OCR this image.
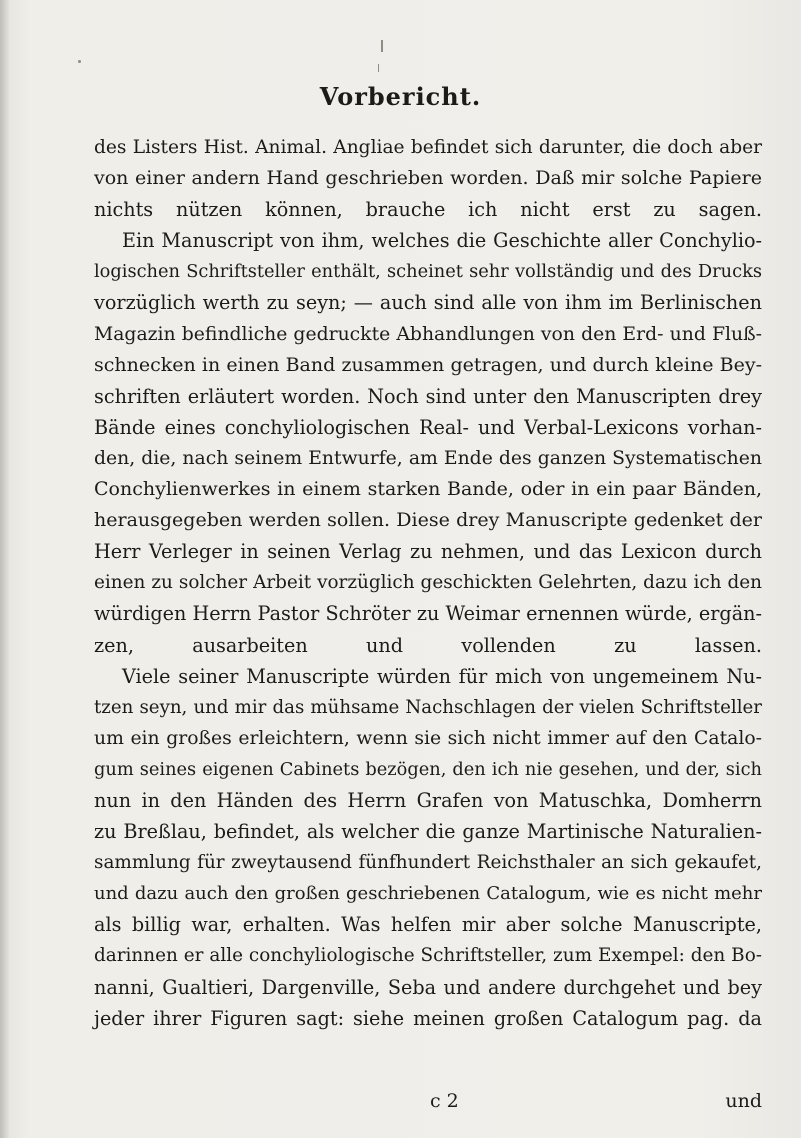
Vorbericht.
des Listers Hist. Animal. Angliae befindet sich darunter, die doch aber
von einer andern Hand geschrieben worden. Daß mir solche Papiere
nichts nützen können, brauche ich nicht erst zu sagen.
Ein Manuscript von ihm, welches die Geschichte aller Conchylio-
logischen Schriftsteller enthält, scheinet sehr vollständig und des Drucks
vorzüglich werth zu seyn; — auch sind alle von ihm im Berlinischen
Magazin befindliche gedruckte Abhandlungen von den Erd- und Fluß-
schnecken in einen Band zusammen getragen, und durch kleine Bey-
schriften erläutert worden. Noch sind unter den Manuscripten drey
Bände eines conchyliologischen Real- und Verbal-Lexicons vorhan-
den, die, nach seinem Entwurfe, am Ende des ganzen Systematischen
Conchylienwerkes in einem starken Bande, oder in ein paar Bänden,
herausgegeben werden sollen. Diese drey Manuscripte gedenket der
Herr Verleger in seinen Verlag zu nehmen, und das Lexicon durch
einen zu solcher Arbeit vorzüglich geschickten Gelehrten, dazu ich den
würdigen Herrn Pastor Schröter zu Weimar ernennen würde, ergän-
zen, ausarbeiten und vollenden zu lassen.
Viele seiner Manuscripte würden für mich von ungemeinem Nu-
tzen seyn, und mir das mühsame Nachschlagen der vielen Schriftsteller
um ein großes erleichtern, wenn sie sich nicht immer auf den Catalo-
gum seines eigenen Cabinets bezögen, den ich nie gesehen, und der, sich
nun in den Händen des Herrn Grafen von Matuschka, Domherrn
zu Breßlau, befindet, als welcher die ganze Martinische Naturalien-
sammlung für zweytausend fünfhundert Reichsthaler an sich gekaufet,
und dazu auch den großen geschriebenen Catalogum, wie es nicht mehr
als billig war, erhalten. Was helfen mir aber solche Manuscripte,
darinnen er alle conchyliologische Schriftsteller, zum Exempel: den Bo-
nanni, Gualtieri, Dargenville, Seba und andere durchgehet und bey
jeder ihrer Figuren sagt: siehe meinen großen Catalogum pag. da
c 2	und
